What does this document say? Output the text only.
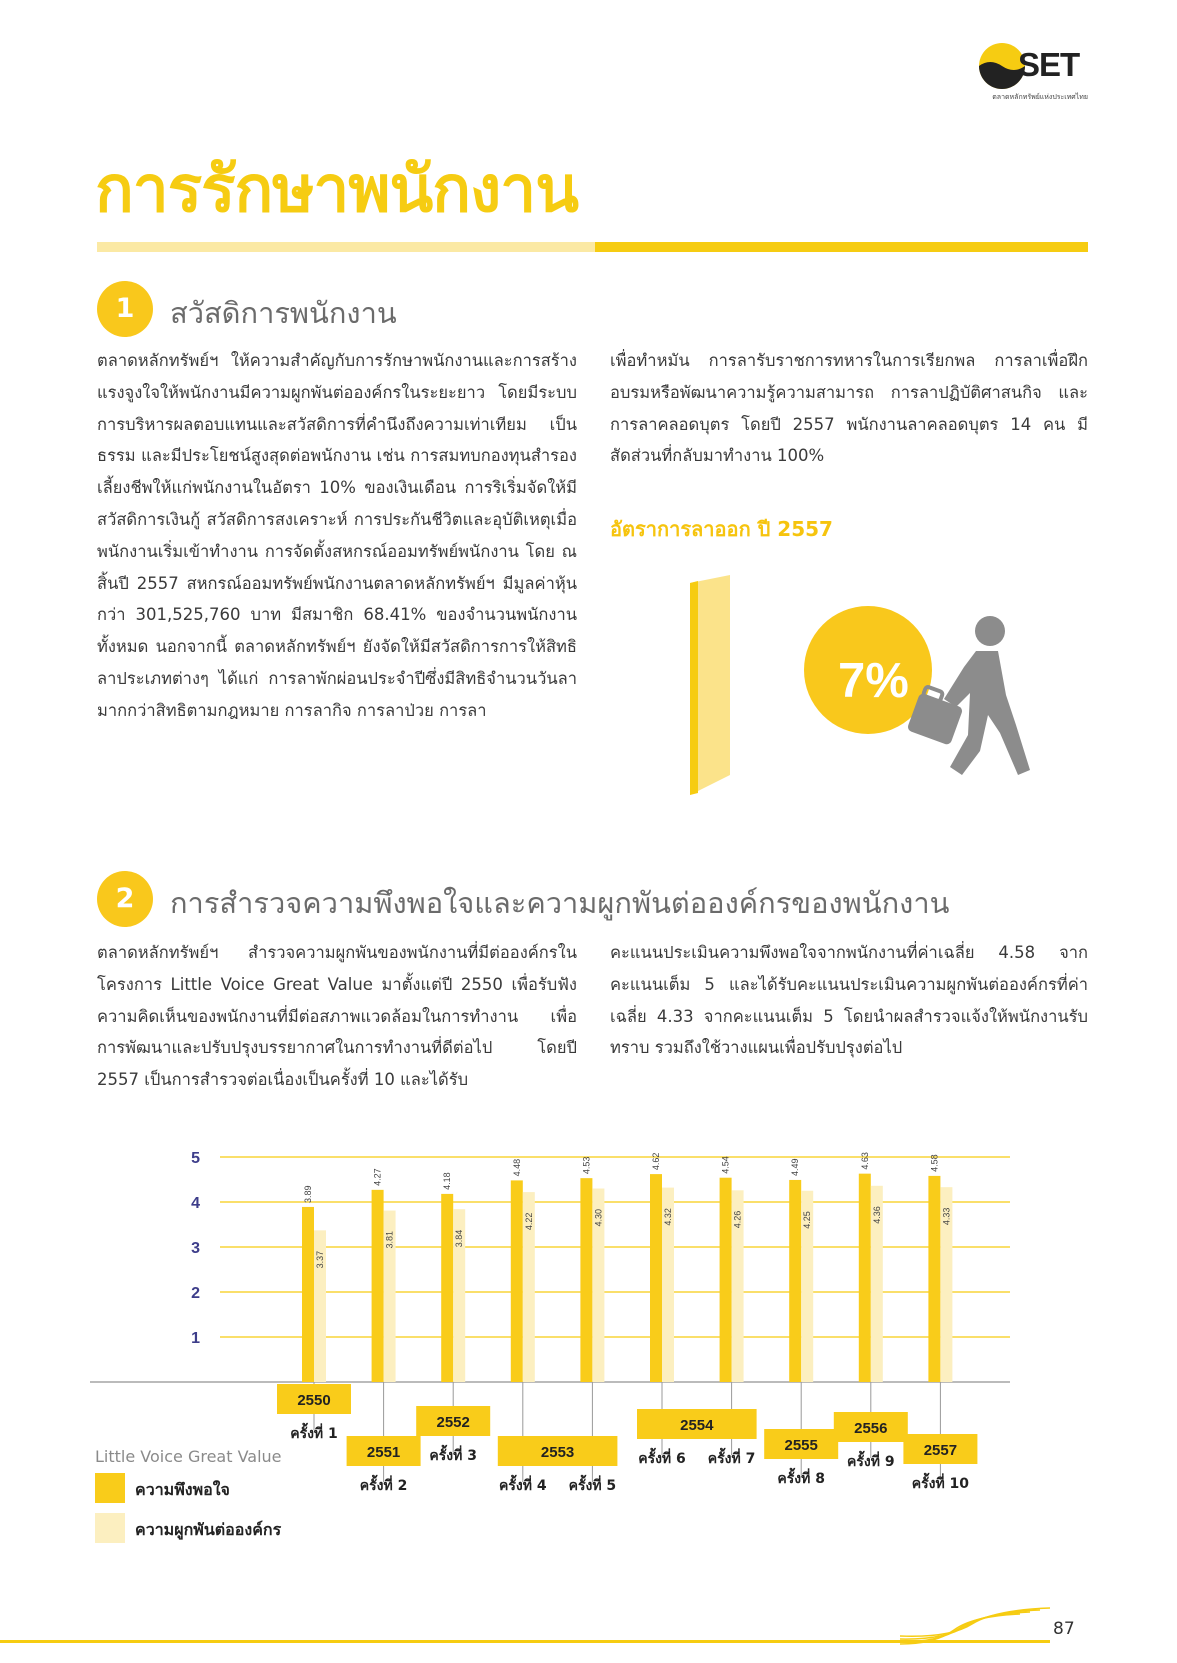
SET
ตลาดหลักทรัพย์แห่งประเทศไทย
การรักษาพนักงาน
1	สวัสดิการพนักงาน

ตลาดหลักทรัพย์ฯ ให้ความสำคัญกับการรักษาพนักงานและการสร้างแรงจูงใจให้พนักงานมีความผูกพันต่อองค์กรในระยะยาว โดยมีระบบการบริหารผลตอบแทนและสวัสดิการที่คำนึงถึงความเท่าเทียม เป็นธรรม และมีประโยชน์สูงสุดต่อพนักงาน เช่น การสมทบกองทุนสำรองเลี้ยงชีพให้แก่พนักงานในอัตรา 10% ของเงินเดือน การริเริ่มจัดให้มีสวัสดิการเงินกู้ สวัสดิการสงเคราะห์ การประกันชีวิตและอุบัติเหตุเมื่อพนักงานเริ่มเข้าทำงาน การจัดตั้งสหกรณ์ออมทรัพย์พนักงาน โดย ณ สิ้นปี 2557 สหกรณ์ออมทรัพย์พนักงานตลาดหลักทรัพย์ฯ มีมูลค่าหุ้นกว่า 301,525,760 บาท มีสมาชิก 68.41% ของจำนวนพนักงานทั้งหมด นอกจากนี้ ตลาดหลักทรัพย์ฯ ยังจัดให้มีสวัสดิการการให้สิทธิลาประเภทต่างๆ ได้แก่ การลาพักผ่อนประจำปีซึ่งมีสิทธิจำนวนวันลามากกว่าสิทธิตามกฎหมาย การลากิจ การลาป่วย การลา

เพื่อทำหมัน การลารับราชการทหารในการเรียกพล การลาเพื่อฝึกอบรมหรือพัฒนาความรู้ความสามารถ การลาปฏิบัติศาสนกิจ และการลาคลอดบุตร โดยปี 2557 พนักงานลาคลอดบุตร 14 คน มีสัดส่วนที่กลับมาทำงาน 100%

อัตราการลาออก ปี 2557
7%
2	การสำรวจความพึงพอใจและความผูกพันต่อองค์กรของพนักงาน

ตลาดหลักทรัพย์ฯ สำรวจความผูกพันของพนักงานที่มีต่อองค์กรในโครงการ Little Voice Great Value มาตั้งแต่ปี 2550 เพื่อรับฟังความคิดเห็นของพนักงานที่มีต่อสภาพแวดล้อมในการทำงาน เพื่อการพัฒนาและปรับปรุงบรรยากาศในการทำงานที่ดีต่อไป โดยปี 2557 เป็นการสำรวจต่อเนื่องเป็นครั้งที่ 10 และได้รับ

คะแนนประเมินความพึงพอใจจากพนักงานที่ค่าเฉลี่ย 4.58 จากคะแนนเต็ม 5 และได้รับคะแนนประเมินความผูกพันต่อองค์กรที่ค่าเฉลี่ย 4.33 จากคะแนนเต็ม 5 โดยนำผลสำรวจแจ้งให้พนักงานรับทราบ รวมถึงใช้วางแผนเพื่อปรับปรุงต่อไป

1
2
3
4
5
3.89
3.37
4.27
3.81
4.18
3.84
4.48
4.22
4.53
4.30
4.62
4.32
4.54
4.26
4.49
4.25
4.63
4.36
4.58
4.33
2550
ครั้งที่ 1
2551
ครั้งที่ 2
2552
ครั้งที่ 3	2553
ครั้งที่ 4 ครั้งที่ 5
2554
ครั้งที่ 6 ครั้งที่ 7
2555
ครั้งที่ 8
2556
ครั้งที่ 9
2557
ครั้งที่ 10
Little Voice Great Value
ความพึงพอใจ
ความผูกพันต่อองค์กร
87
